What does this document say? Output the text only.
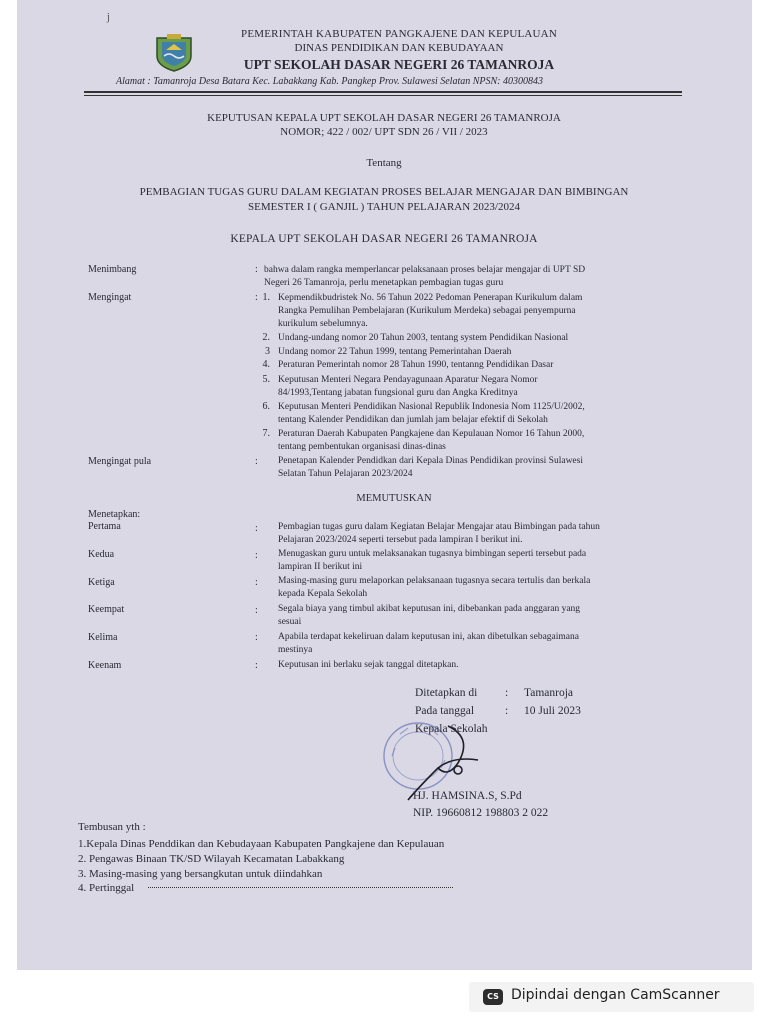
j
PEMERINTAH KABUPATEN PANGKAJENE DAN KEPULAUAN
DINAS PENDIDIKAN DAN KEBUDAYAAN
UPT SEKOLAH DASAR NEGERI 26 TAMANROJA
Alamat : Tamanroja Desa Batara Kec. Labakkang Kab. Pangkep Prov. Sulawesi Selatan NPSN: 40300843
KEPUTUSAN KEPALA UPT SEKOLAH DASAR NEGERI 26 TAMANROJA
NOMOR; 422 / 002/ UPT SDN 26 / VII / 2023
Tentang
PEMBAGIAN TUGAS GURU DALAM KEGIATAN PROSES BELAJAR MENGAJAR DAN BIMBINGAN
SEMESTER I ( GANJIL ) TAHUN PELAJARAN 2023/2024
KEPALA UPT SEKOLAH DASAR NEGERI 26 TAMANROJA
Menimbang	: bahwa dalam rangka memperlancar pelaksanaan proses belajar mengajar di UPT SD
Negeri 26 Tamanroja, perlu menetapkan pembagian tugas guru
Mengingat	: 1. Kepmendikbudristek No. 56 Tahun 2022 Pedoman Penerapan Kurikulum dalam
Rangka Pemulihan Pembelajaran (Kurikulum Merdeka) sebagai penyempurna
kurikulum sebelumnya.
2. Undang-undang nomor 20 Tahun 2003, tentang system Pendidikan Nasional
3 Undang nomor 22 Tahun 1999, tentang Pemerintahan Daerah
4. Peraturan Pemerintah nomor 28 Tahun 1990, tentanng Pendidikan Dasar
5. Keputusan Menteri Negara Pendayagunaan Aparatur Negara Nomor
84/1993,Tentang jabatan fungsional guru dan Angka Kreditnya
6. Keputusan Menteri Pendidikan Nasional Republik Indonesia Nom 1125/U/2002,
tentang Kalender Pendidikan dan jumlah jam belajar efektif di Sekolah
7. Peraturan Daerah Kabupaten Pangkajene dan Kepulauan Nomor 16 Tahun 2000,
tentang pembentukan organisasi dinas-dinas
Mengingat pula	: Penetapan Kalender Pendidkan dari Kepala Dinas Pendidikan provinsi Sulawesi
Selatan Tahun Pelajaran 2023/2024
MEMUTUSKAN
Menetapkan:
Pertama	: Pembagian tugas guru dalam Kegiatan Belajar Mengajar atau Bimbingan pada tahun
Pelajaran 2023/2024 seperti tersebut pada lampiran I berikut ini.
Kedua	: Menugaskan guru untuk melaksanakan tugasnya bimbingan seperti tersebut pada
lampiran II berikut ini
Ketiga	: Masing-masing guru melaporkan pelaksanaan tugasnya secara tertulis dan berkala
kepada Kepala Sekolah
Keempat	: Segala biaya yang timbul akibat keputusan ini, dibebankan pada anggaran yang
sesuai
Kelima	: Apabila terdapat kekeliruan dalam keputusan ini, akan dibetulkan sebagaimana
mestinya
Keenam	: Keputusan ini berlaku sejak tanggal ditetapkan.
Ditetapkan di : Tamanroja
Pada tanggal	: 10 Juli 2023
Kepala Sekolah
HJ. HAMSINA.S, S.Pd
NIP. 19660812 198803 2 022
Tembusan yth :
1.Kepala Dinas Penddikan dan Kebudayaan Kabupaten Pangkajene dan Kepulauan
2. Pengawas Binaan TK/SD Wilayah Kecamatan Labakkang
3. Masing-masing yang bersangkutan untuk diindahkan
4. Pertinggal
CS Dipindai dengan CamScanner
